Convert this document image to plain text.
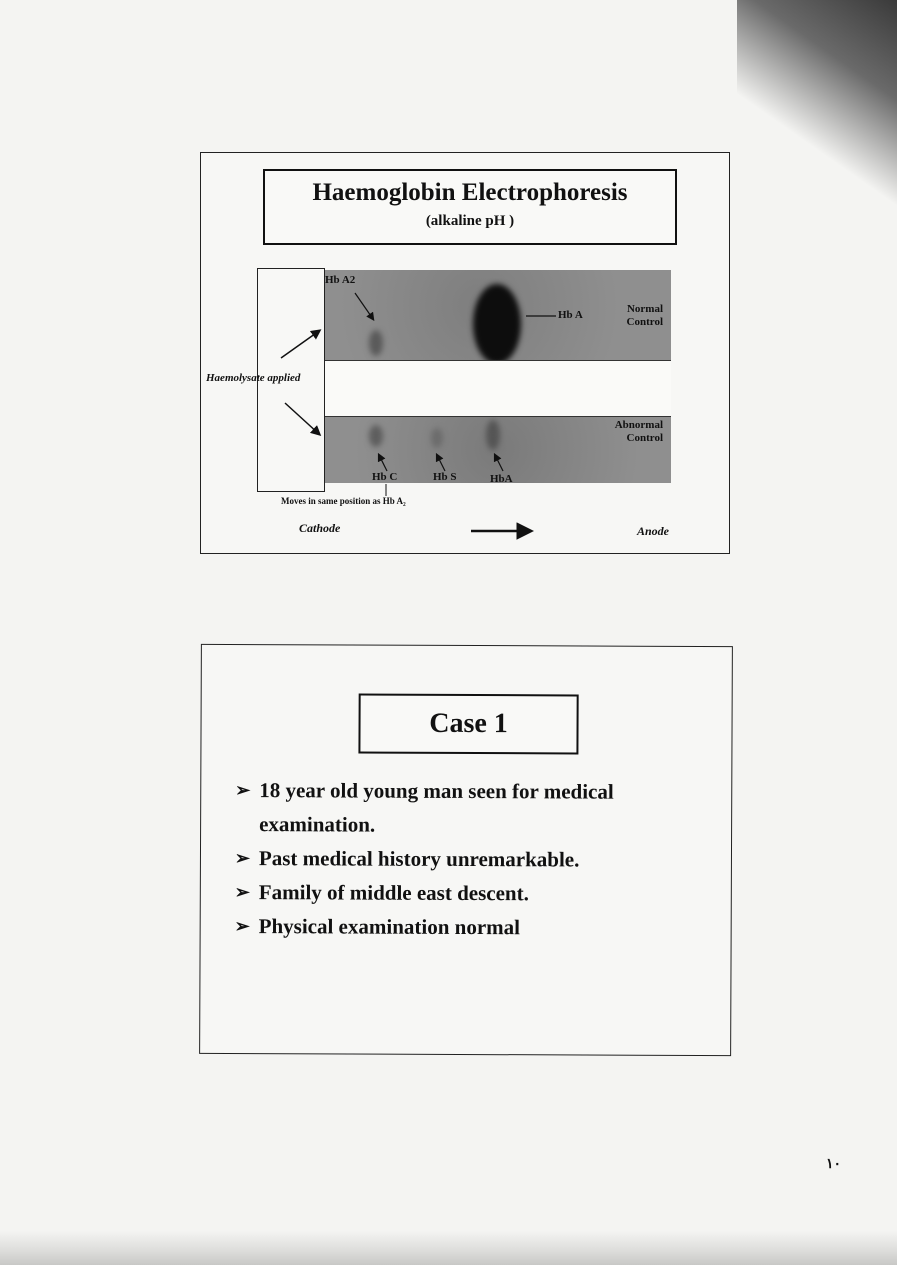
Haemoglobin Electrophoresis
(alkaline pH )
Hb A2
Hb A	Normal Control
Abnormal Control
Haemolysate applied
Hb C	Hb S	HbA
Moves in same position as Hb A₂
Cathode	Anode
Case 1
➢ 18 year old young man seen for medical examination.
➢ Past medical history unremarkable.
➢ Family of middle east descent.
➢ Physical examination normal
١٠
